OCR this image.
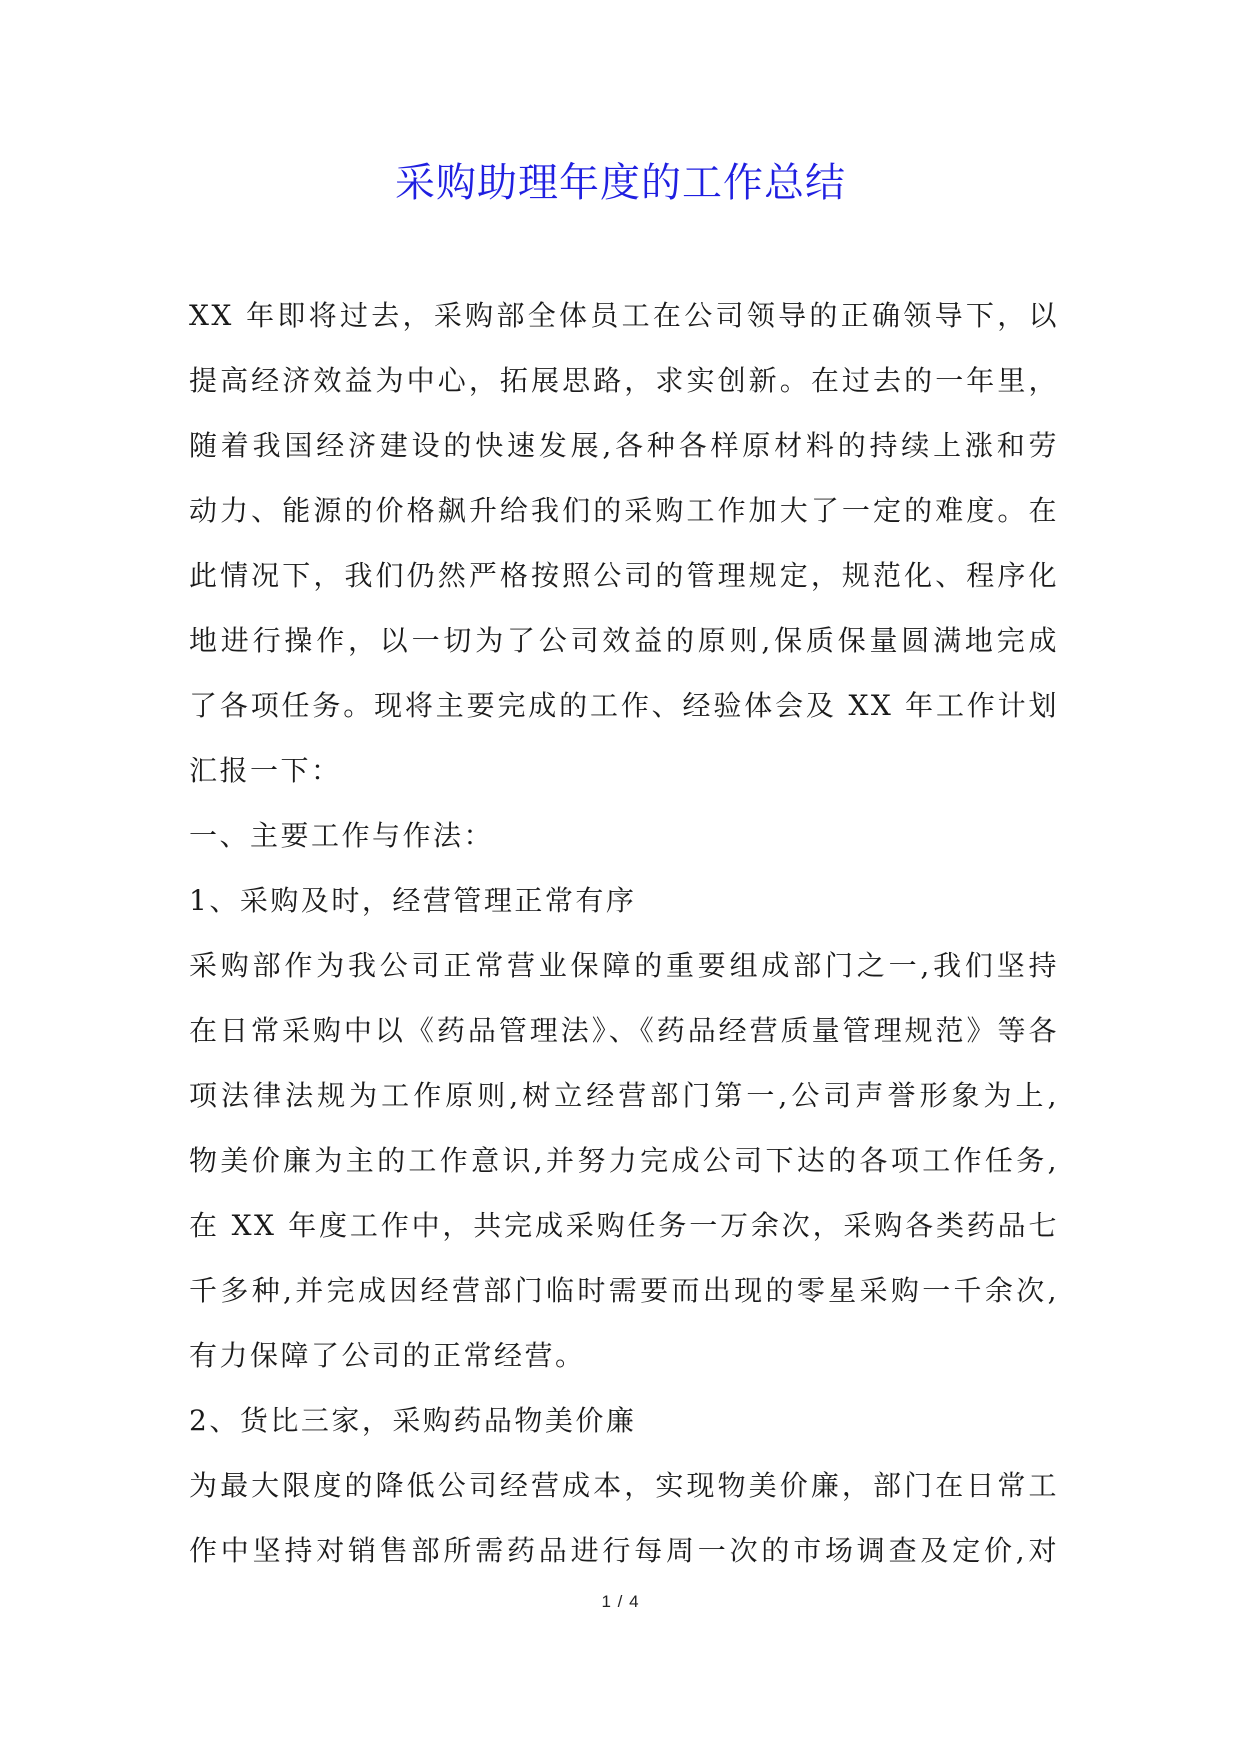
采购助理年度的工作总结
XX 年即将过去，采购部全体员工在公司领导的正确领导下，以
提高经济效益为中心，拓展思路，求实创新。在过去的一年里，
随着我国经济建设的快速发展,各种各样原材料的持续上涨和劳
动力、能源的价格飙升给我们的采购工作加大了一定的难度。在
此情况下，我们仍然严格按照公司的管理规定，规范化、程序化
地进行操作，以一切为了公司效益的原则,保质保量圆满地完成
了各项任务。现将主要完成的工作、经验体会及 XX 年工作计划
汇报一下：
一、主要工作与作法：
1、采购及时，经营管理正常有序
采购部作为我公司正常营业保障的重要组成部门之一,我们坚持
在日常采购中以《药品管理法》、《药品经营质量管理规范》等各
项法律法规为工作原则,树立经营部门第一,公司声誉形象为上,
物美价廉为主的工作意识,并努力完成公司下达的各项工作任务,
在 XX 年度工作中，共完成采购任务一万余次，采购各类药品七
千多种,并完成因经营部门临时需要而出现的零星采购一千余次,
有力保障了公司的正常经营。
2、货比三家，采购药品物美价廉
为最大限度的降低公司经营成本，实现物美价廉，部门在日常工
作中坚持对销售部所需药品进行每周一次的市场调查及定价,对
1 / 4
